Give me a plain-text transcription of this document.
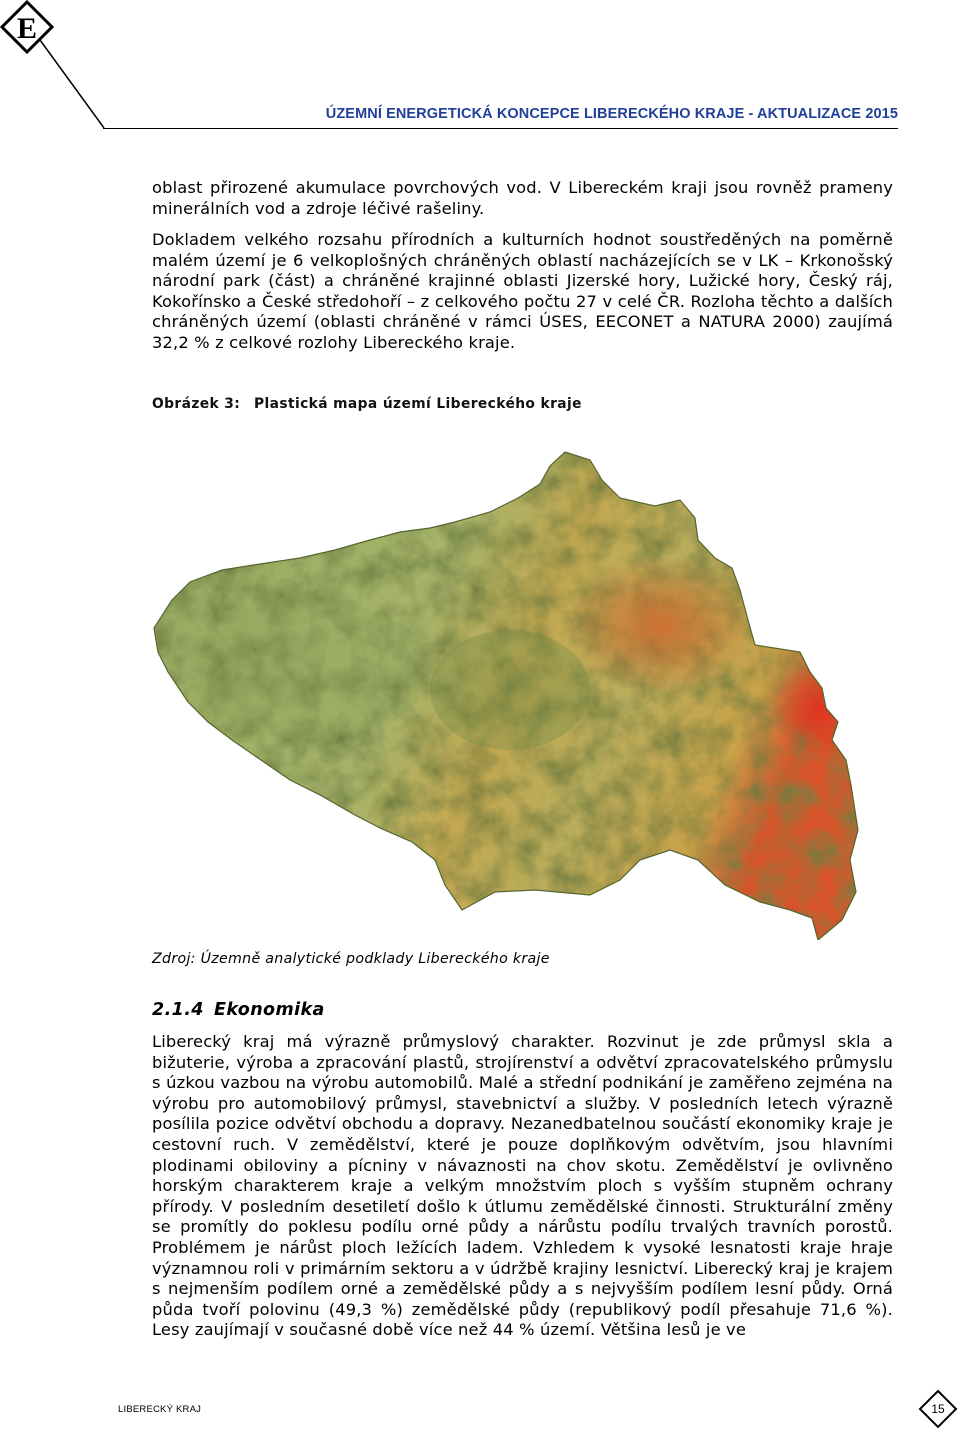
E
ÚZEMNÍ ENERGETICKÁ KONCEPCE LIBERECKÉHO KRAJE - AKTUALIZACE 2015

oblast přirozené akumulace povrchových vod. V Libereckém kraji jsou rovněž prameny minerálních vod a zdroje léčivé rašeliny.

Dokladem velkého rozsahu přírodních a kulturních hodnot soustředěných na poměrně malém území je 6 velkoplošných chráněných oblastí nacházejících se v LK – Krkonošský národní park (část) a chráněné krajinné oblasti Jizerské hory, Lužické hory, Český ráj, Kokořínsko a České středohoří – z celkového počtu 27 v celé ČR. Rozloha těchto a dalších chráněných území (oblasti chráněné v rámci ÚSES, EECONET a NATURA 2000) zaujímá 32,2 % z celkové rozlohy Libereckého kraje.

Obrázek 3: Plastická mapa území Libereckého kraje
Zdroj: Územně analytické podklady Libereckého kraje
2.1.4 Ekonomika

Liberecký kraj má výrazně průmyslový charakter. Rozvinut je zde průmysl skla a bižuterie, výroba a zpracování plastů, strojírenství a odvětví zpracovatelského průmyslu s úzkou vazbou na výrobu automobilů. Malé a střední podnikání je zaměřeno zejména na výrobu pro automobilový průmysl, stavebnictví a služby. V posledních letech výrazně posílila pozice odvětví obchodu a dopravy. Nezanedbatelnou součástí ekonomiky kraje je cestovní ruch. V zemědělství, které je pouze doplňkovým odvětvím, jsou hlavními plodinami obiloviny a pícniny v návaznosti na chov skotu. Zemědělství je ovlivněno horským charakterem kraje a velkým množstvím ploch s vyšším stupněm ochrany přírody. V posledním desetiletí došlo k útlumu zemědělské činnosti. Strukturální změny se promítly do poklesu podílu orné půdy a nárůstu podílu trvalých travních porostů. Problémem je nárůst ploch ležících ladem. Vzhledem k vysoké lesnatosti kraje hraje významnou roli v primárním sektoru a v údržbě krajiny lesnictví. Liberecký kraj je krajem s nejmenším podílem orné a zemědělské půdy a s nejvyšším podílem lesní půdy. Orná půda tvoří polovinu (49,3 %) zemědělské půdy (republikový podíl přesahuje 71,6 %). Lesy zaujímají v současné době více než 44 % území. Většina lesů je ve

LIBERECKÝ KRAJ	15
